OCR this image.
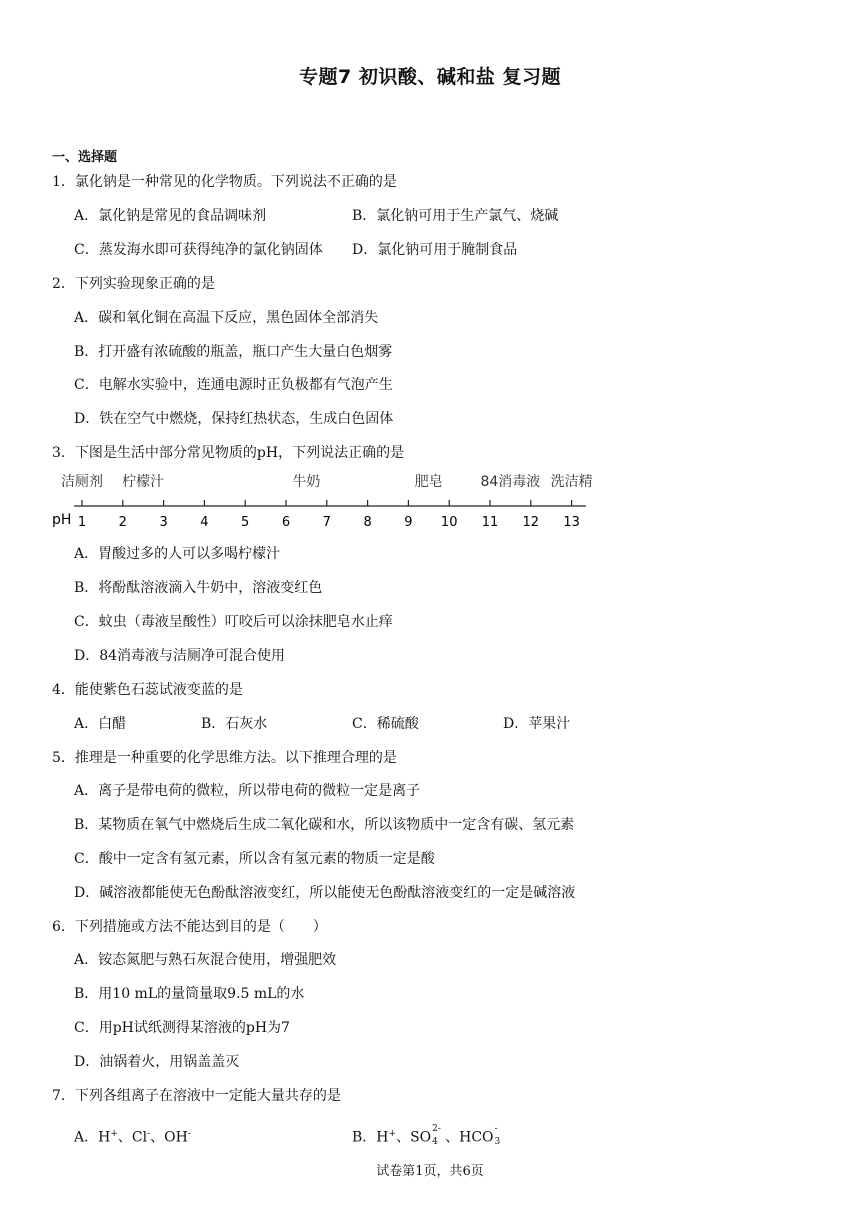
专题7 初识酸、碱和盐 复习题
一、选择题
1．氯化钠是一种常见的化学物质。下列说法不正确的是
A．氯化钠是常见的食品调味剂	B．氯化钠可用于生产氯气、烧碱
C．蒸发海水即可获得纯净的氯化钠固体 D．氯化钠可用于腌制食品
2．下列实验现象正确的是
A．碳和氧化铜在高温下反应，黑色固体全部消失
B．打开盛有浓硫酸的瓶盖，瓶口产生大量白色烟雾
C．电解水实验中，连通电源时正负极都有气泡产生
D．铁在空气中燃烧，保持红热状态，生成白色固体
3．下图是生活中部分常见物质的pH，下列说法正确的是
洁厕剂 柠檬汁	牛奶	肥皂	84消毒液 洗洁精
pH 1	2	3	4	5	6	7	8	9 10 11 12 13
A．胃酸过多的人可以多喝柠檬汁
B．将酚酞溶液滴入牛奶中，溶液变红色
C．蚊虫（毒液呈酸性）叮咬后可以涂抹肥皂水止痒
D．84消毒液与洁厕净可混合使用
4．能使紫色石蕊试液变蓝的是
A．白醋	B．石灰水	C．稀硫酸	D．苹果汁
5．推理是一种重要的化学思维方法。以下推理合理的是
A．离子是带电荷的微粒，所以带电荷的微粒一定是离子
B．某物质在氧气中燃烧后生成二氧化碳和水，所以该物质中一定含有碳、氢元素
C．酸中一定含有氢元素，所以含有氢元素的物质一定是酸
D．碱溶液都能使无色酚酞溶液变红，所以能使无色酚酞溶液变红的一定是碱溶液
6．下列措施或方法不能达到目的是（　　）
A．铵态氮肥与熟石灰混合使用，增强肥效
B．用10 mL的量筒量取9.5 mL的水
C．用pH试纸测得某溶液的pH为7
D．油锅着火，用锅盖盖灭
7．下列各组离子在溶液中一定能大量共存的是
A．H+、Cl-、OH-	B．H+、SO
2-
4 、HCO
-
3
试卷第1页，共6页
